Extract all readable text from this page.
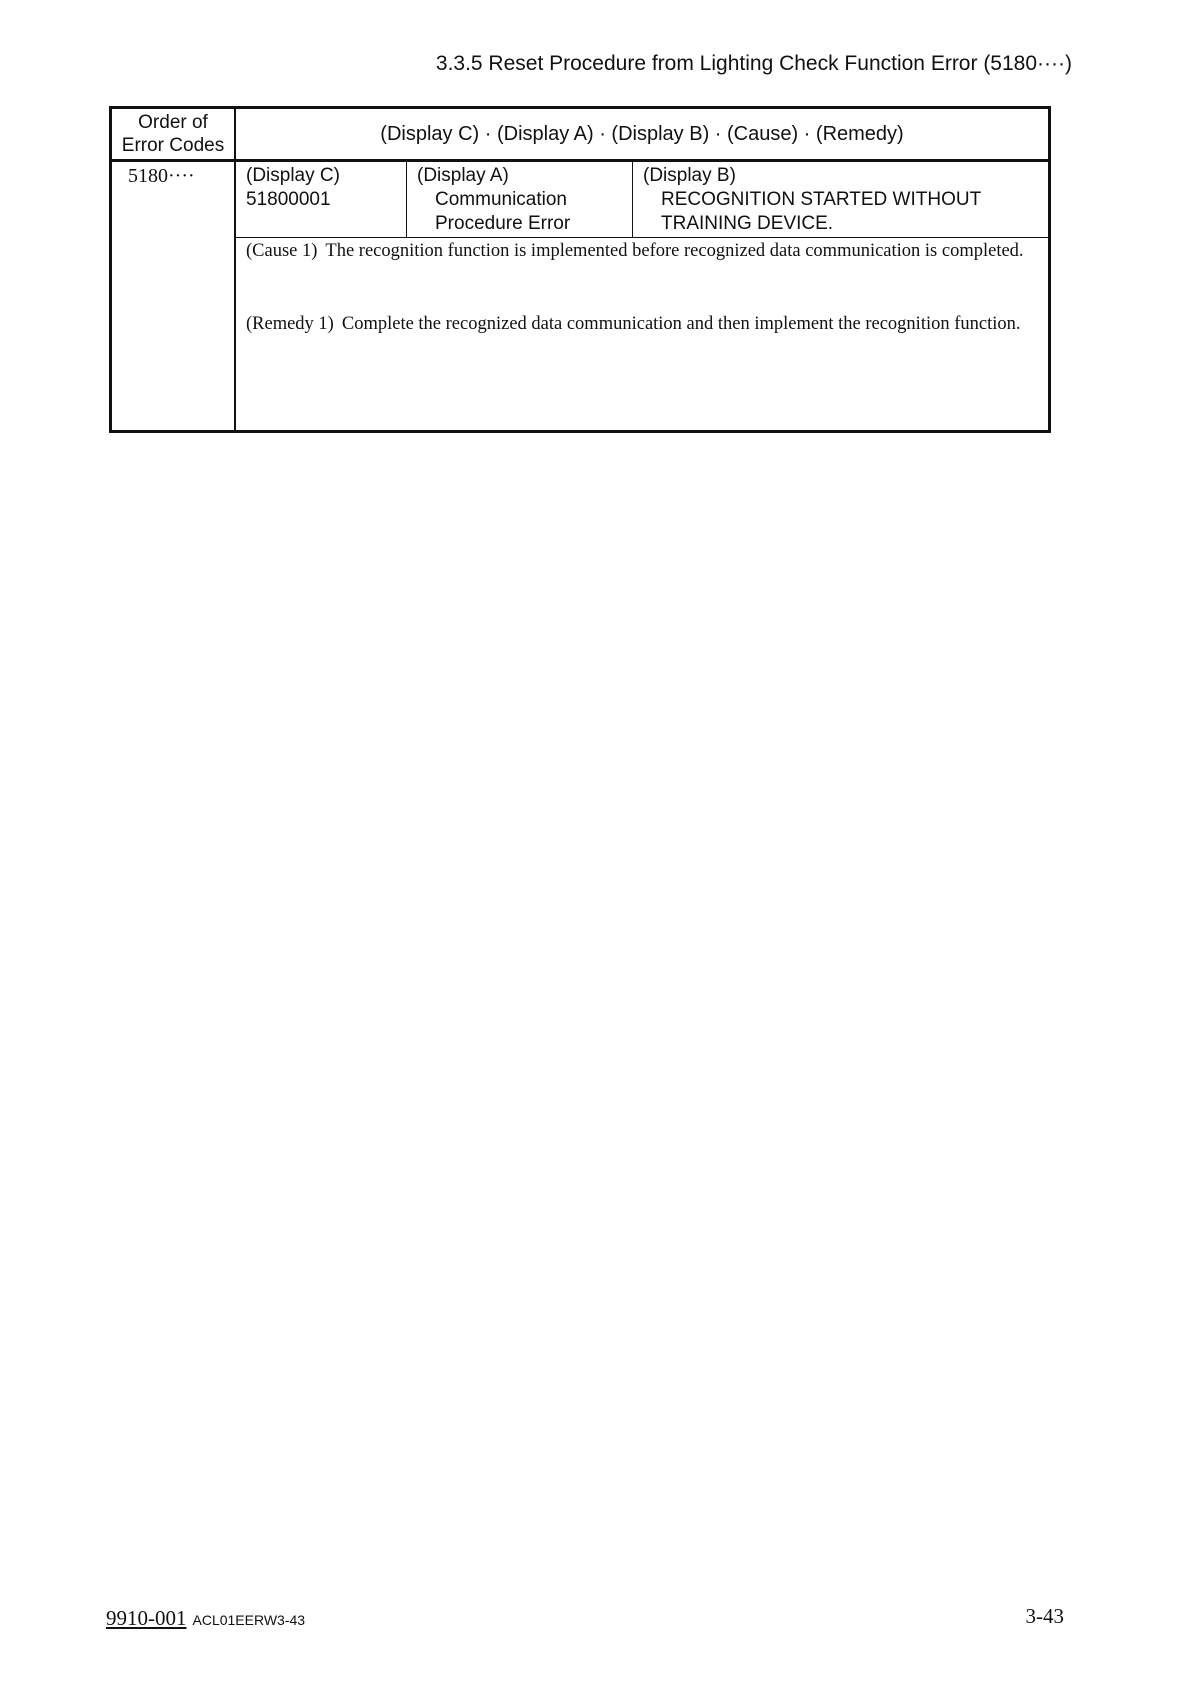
3.3.5 Reset Procedure from Lighting Check Function Error (5180····)
Order of
Error Codes
(Display C) · (Display A) · (Display B) · (Cause) · (Remedy)
5180····	(Display C)
51800001
(Display A)
Communication
Procedure Error
(Display B)
RECOGNITION STARTED WITHOUT
TRAINING DEVICE.
(Cause 1) The recognition function is implemented before recognized data communication is completed.
(Remedy 1) Complete the recognized data communication and then implement the recognition function.
9910-001 ACL01EERW3-43	3-43
